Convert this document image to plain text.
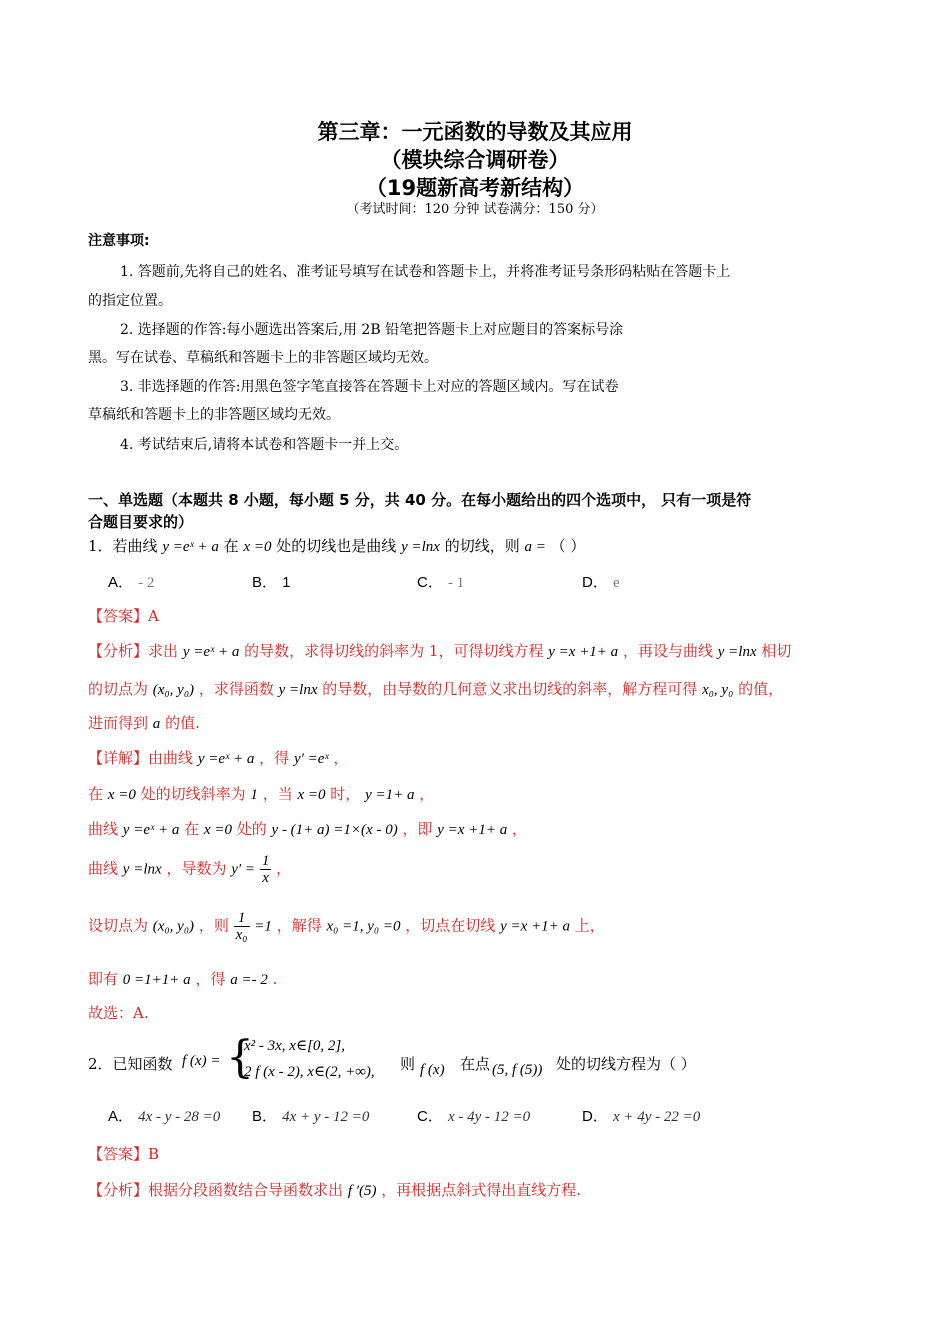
第三章：一元函数的导数及其应用
（模块综合调研卷）
（19题新高考新结构）
（考试时间：120 分钟 试卷满分：150 分）
注意事项:
1. 答题前,先将自己的姓名、准考证号填写在试卷和答题卡上，并将准考证号条形码粘贴在答题卡上
的指定位置。
2. 选择题的作答:每小题选出答案后,用 2B 铅笔把答题卡上对应题目的答案标号涂
黑。写在试卷、草稿纸和答题卡上的非答题区域均无效。
3. 非选择题的作答:用黑色签字笔直接答在答题卡上对应的答题区域内。写在试卷
草稿纸和答题卡上的非答题区域均无效。
4. 考试结束后,请将本试卷和答题卡一并上交。
一、单选题（本题共 8 小题，每小题 5 分，共 40 分。在每小题给出的四个选项中， 只有一项是符
合题目要求的）
1．若曲线 y =eˣ + a 在 x =0 处的切线也是曲线 y =lnx 的切线，则 a = （ ）
A． - 2	B． 1	C． - 1	D． e
【答案】A
【分析】求出 y =eˣ + a 的导数，求得切线的斜率为 1，可得切线方程 y =x +1+ a ，再设与曲线 y =lnx 相切
的切点为 (x₀, y₀) ，求得函数 y =lnx 的导数，由导数的几何意义求出切线的斜率，解方程可得 x₀, y₀ 的值，
进而得到 a 的值.
【详解】由曲线 y =eˣ + a ，得 y′ =eˣ ，
在 x =0 处的切线斜率为 1 ，当 x =0 时， y =1+ a ，
曲线 y =eˣ + a 在 x =0 处的 y - (1+ a) =1×(x - 0) ，即 y =x +1+ a ，
曲线 y =lnx ，导数为 $y' = \frac{1}{x}$ ，
设切点为 (x₀, y₀) ，则 $\frac{1}{\text{x₀}} =1$ ，解得 x₀ =1, y₀ =0 ，切点在切线 y =x +1+ a 上，
即有 0 =1+1+ a ，得 a =- 2 .
故选：A.
2．已知函数 f (x) = {
x² - 3x, x∈[0, 2],
2 f (x - 2), x∈(2, +∞), 则 f (x) 在点 (5, f (5)) 处的切线方程为（ ）
A． 4x - y - 28 =0 B． 4x + y - 12 =0	C． x - 4y - 12 =0	D． x + 4y - 22 =0
【答案】B
【分析】根据分段函数结合导函数求出 f ′(5) ，再根据点斜式得出直线方程.
